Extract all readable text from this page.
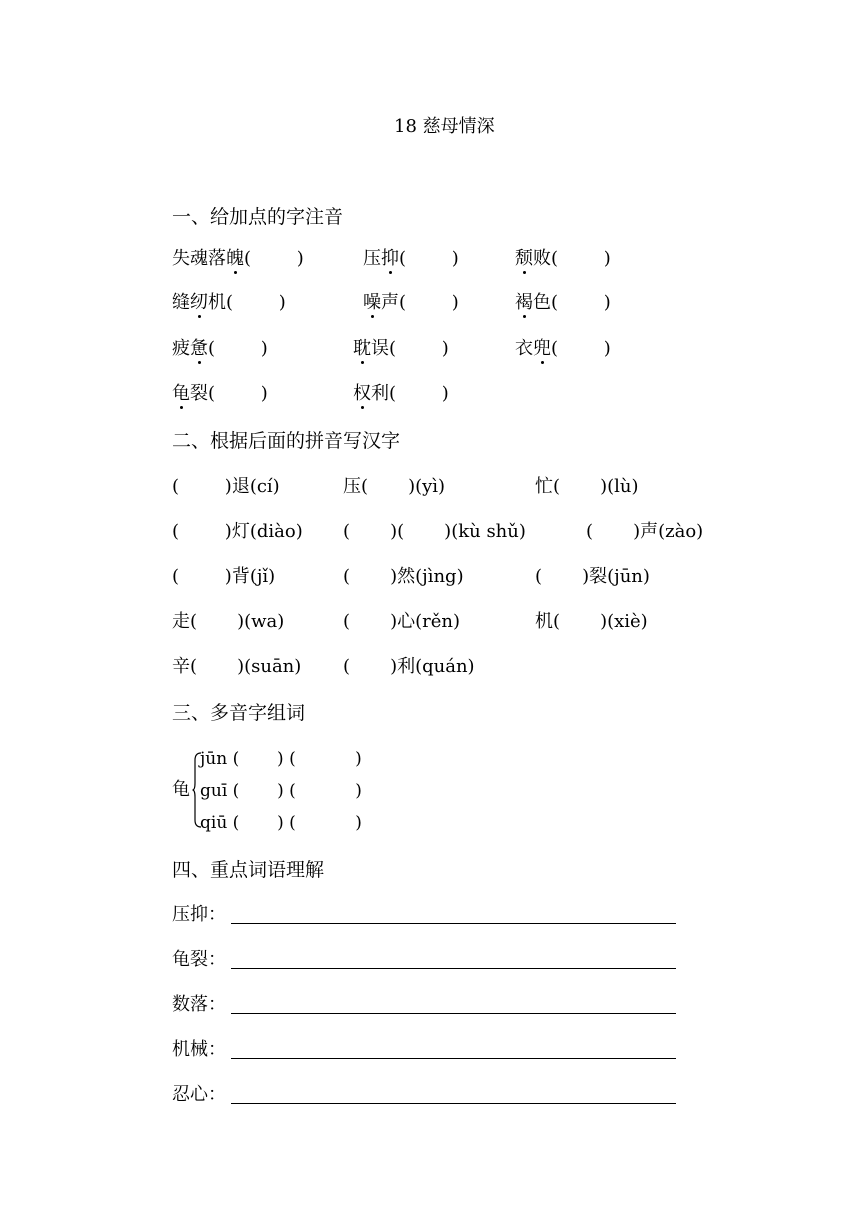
18 慈母情深
一、给加点的字注音
失魂落魄(        )	压抑(        )	颓败(        )
缝纫机(        )	噪声(        )	褐色(        )
疲惫(        )	耽误(        )	衣兜(        )
龟裂(        )	权利(        )
二、根据后面的拼音写汉字
(        )退(cí)	压(       )(yì)	忙(       )(lù)
(        )灯(diào) (       )(       )(kù shǔ)	(       )声(zào)
(        )背(jǐ)	(       )然(jìng)	(       )裂(jūn)
走(       )(wa)	(       )心(rěn)	机(       )(xiè)
辛(       )(suān) (       )利(quán)
三、多音字组词
龟
jūn (       ) (           )
guī (       ) (           )
qiū (       ) (           )
四、重点词语理解
压抑：
龟裂：
数落：
机械：
忍心：
